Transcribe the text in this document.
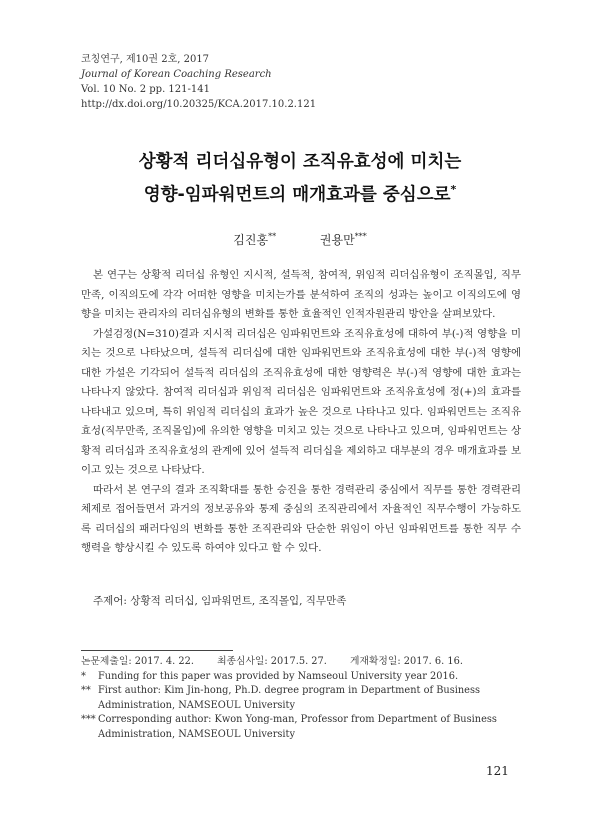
코칭연구, 제10권 2호, 2017
Journal of Korean Coaching Research
Vol. 10 No. 2 pp. 121-141
http://dx.doi.org/10.20325/KCA.2017.10.2.121
상황적 리더십유형이 조직유효성에 미치는
영향-임파워먼트의 매개효과를 중심으로*
김진홍**	권용만***

본 연구는 상황적 리더십 유형인 지시적, 설득적, 참여적, 위임적 리더십유형이 조직몰입, 직무만족, 이직의도에 각각 어떠한 영향을 미치는가를 분석하여 조직의 성과는 높이고 이직의도에 영향을 미치는 관리자의 리더십유형의 변화를 통한 효율적인 인적자원관리 방안을 살펴보았다.

가설검정(N=310)결과 지시적 리더십은 임파워먼트와 조직유효성에 대하여 부(-)적 영향을 미치는 것으로 나타났으며, 설득적 리더십에 대한 임파워먼트와 조직유효성에 대한 부(-)적 영향에 대한 가설은 기각되어 설득적 리더십의 조직유효성에 대한 영향력은 부(-)적 영향에 대한 효과는 나타나지 않았다. 참여적 리더십과 위임적 리더십은 임파워먼트와 조직유효성에 정(+)의 효과를 나타내고 있으며, 특히 위임적 리더십의 효과가 높은 것으로 나타나고 있다. 임파워먼트는 조직유효성(직무만족, 조직몰입)에 유의한 영향을 미치고 있는 것으로 나타나고 있으며, 임파워먼트는 상황적 리더십과 조직유효성의 관계에 있어 설득적 리더십을 제외하고 대부분의 경우 매개효과를 보이고 있는 것으로 나타났다.

따라서 본 연구의 결과 조직확대를 통한 승진을 통한 경력관리 중심에서 직무를 통한 경력관리 체제로 접어들면서 과거의 정보공유와 통제 중심의 조직관리에서 자율적인 직무수행이 가능하도록 리더십의 패러다임의 변화를 통한 조직관리와 단순한 위임이 아닌 임파워먼트를 통한 직무 수행력을 향상시킬 수 있도록 하여야 있다고 할 수 있다.

주제어: 상황적 리더십, 임파워먼트, 조직몰입, 직무만족
논문제출일: 2017. 4. 22. 최종심사일: 2017.5. 27. 게재확정일: 2017. 6. 16.
*	Funding for this paper was provided by Namseoul University year 2016.
** First author: Kim Jin-hong, Ph.D. degree program in Department of Business Administration, NAMSEOUL University
*** Corresponding author: Kwon Yong-man, Professor from Department of Business Administration, NAMSEOUL University
121
